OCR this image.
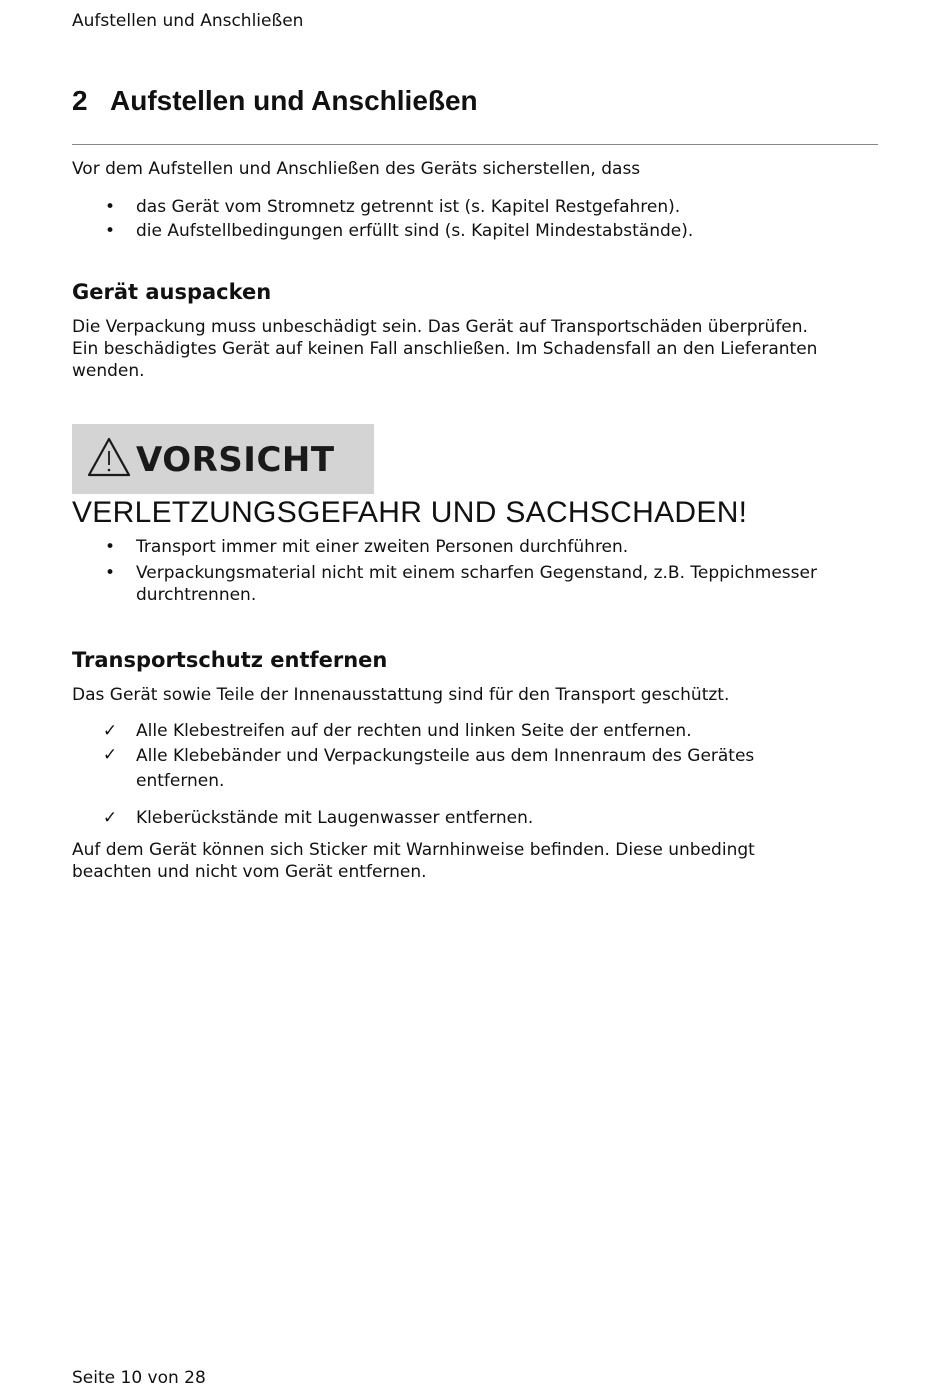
Aufstellen und Anschließen
2 Aufstellen und Anschließen
Vor dem Aufstellen und Anschließen des Geräts sicherstellen, dass
• das Gerät vom Stromnetz getrennt ist (s. Kapitel Restgefahren).
• die Aufstellbedingungen erfüllt sind (s. Kapitel Mindestabstände).
Gerät auspacken
Die Verpackung muss unbeschädigt sein. Das Gerät auf Transportschäden überprüfen.
Ein beschädigtes Gerät auf keinen Fall anschließen. Im Schadensfall an den Lieferanten
wenden.
VORSICHT
VERLETZUNGSGEFAHR UND SACHSCHADEN!
• Transport immer mit einer zweiten Personen durchführen.
• Verpackungsmaterial nicht mit einem scharfen Gegenstand, z.B. Teppichmesser
durchtrennen.
Transportschutz entfernen
Das Gerät sowie Teile der Innenausstattung sind für den Transport geschützt.
✓ Alle Klebestreifen auf der rechten und linken Seite der entfernen.
✓ Alle Klebebänder und Verpackungsteile aus dem Innenraum des Gerätes
entfernen.
✓ Kleberückstände mit Laugenwasser entfernen.
Auf dem Gerät können sich Sticker mit Warnhinweise befinden. Diese unbedingt
beachten und nicht vom Gerät entfernen.
Seite 10 von 28
